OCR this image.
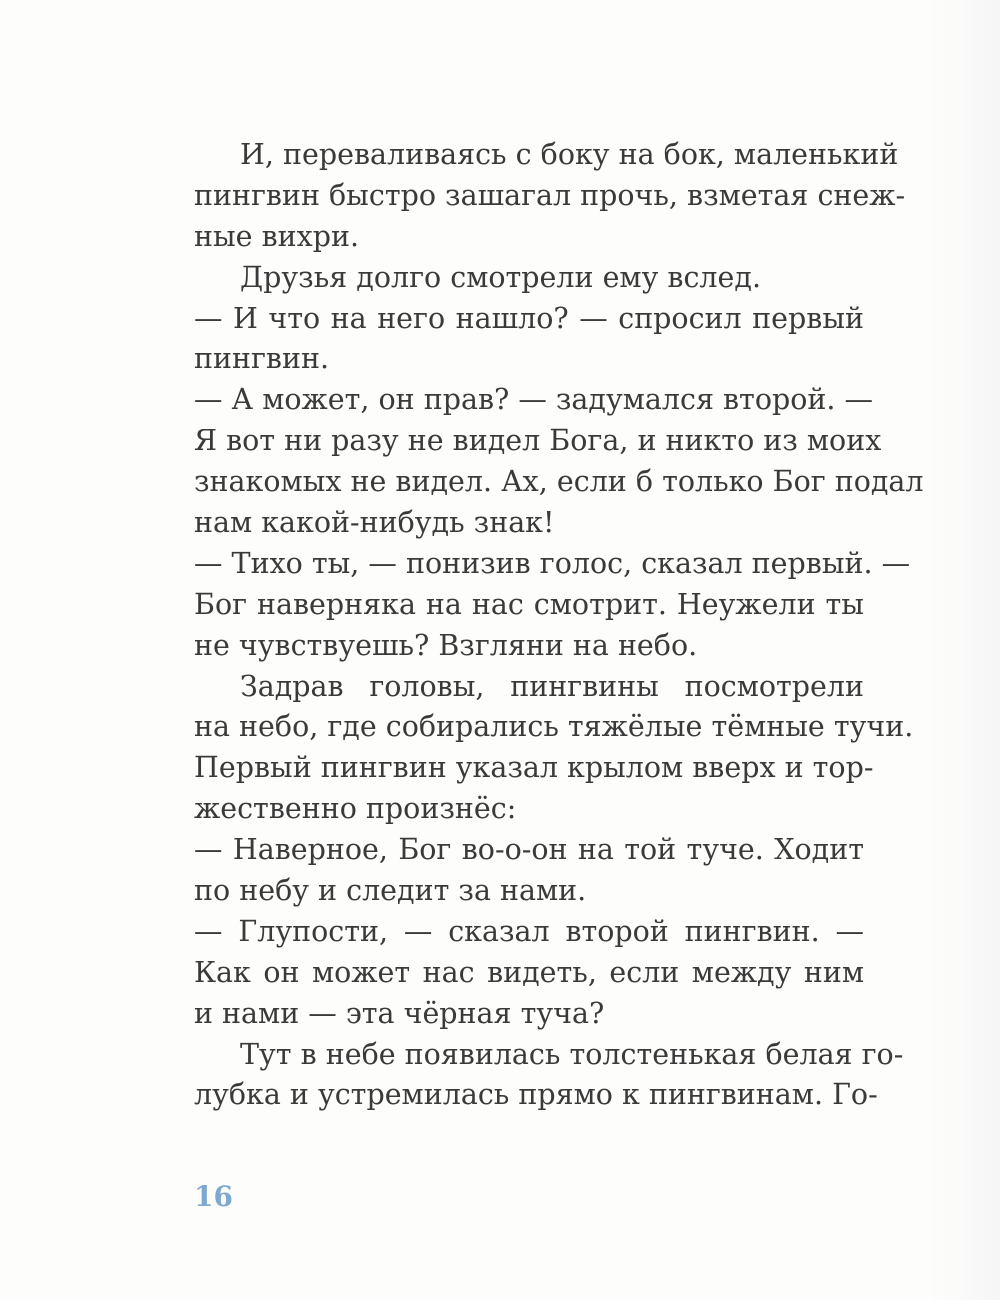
И, переваливаясь с боку на бок, маленький
пингвин быстро зашагал прочь, взметая снеж-
ные вихри.
Друзья долго смотрели ему вслед.
— И что на него нашло? — спросил первый
пингвин.
— А может, он прав? — задумался второй. —
Я вот ни разу не видел Бога, и никто из моих
знакомых не видел. Ах, если б только Бог подал
нам какой-нибудь знак!
— Тихо ты, — понизив голос, сказал первый. —
Бог наверняка на нас смотрит. Неужели ты
не чувствуешь? Взгляни на небо.
Задрав головы, пингвины посмотрели
на небо, где собирались тяжёлые тёмные тучи.
Первый пингвин указал крылом вверх и тор-
жественно произнёс:
— Наверное, Бог во-о-он на той туче. Ходит
по небу и следит за нами.
— Глупости, — сказал второй пингвин. —
Как он может нас видеть, если между ним
и нами — эта чёрная туча?
Тут в небе появилась толстенькая белая го-
лубка и устремилась прямо к пингвинам. Го-
16
